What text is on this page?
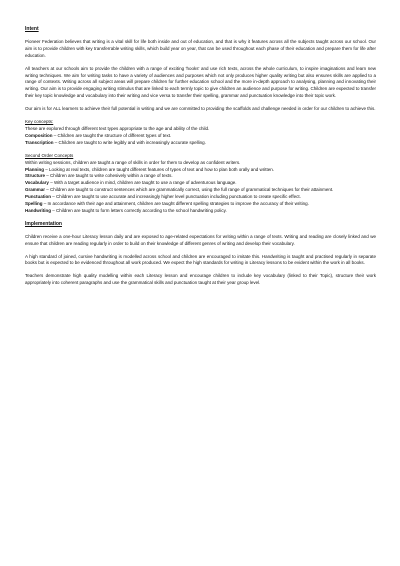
Intent

Pioneer Federation believes that writing is a vital skill for life both inside and out of education, and that is why it features across all the subjects taught across our school. Our aim is to provide children with key transferrable writing skills, which build year on year, that can be used throughout each phase of their education and prepare them for life after education.

All teachers at our schools aim to provide the children with a range of exciting 'hooks' and use rich texts, across the whole curriculum, to inspire imaginations and learn new writing techniques. We aim for writing tasks to have a variety of audiences and purposes which not only produces higher quality writing but also ensures skills are applied to a range of contexts. Writing across all subject areas will prepare children for further education school and the more in-depth approach to analysing, planning and innovating their writing. Our aim is to provide engaging writing stimulus that are linked to each termly topic to give children an audience and purpose for writing. Children are expected to transfer their key topic knowledge and vocabulary into their writing and vice versa to transfer their spelling, grammar and punctuation knowledge into their topic work.

Our aim is for ALL learners to achieve their full potential in writing and we are committed to providing the scaffolds and challenge needed in order for our children to achieve this.

Key concepts:

These are explored through different text types appropriate to the age and ability of the child.

Composition – Children are taught the structure of different types of text.

Transcription – Children are taught to write legibly and with increasingly accurate spelling.

Second Order Concepts

Within writing sessions, children are taught a range of skills in order for them to develop as confident writers.

Planning – Looking at real texts, children are taught different features of types of text and how to plan both orally and written.

Structure – Children are taught to write cohesively within a range of texts.

Vocabulary – With a target audience in mind, children are taught to use a range of adventurous language.

Grammar – Children are taught to construct sentences which are grammatically correct, using the full range of grammatical techniques for their attainment.

Punctuation – Children are taught to use accurate and increasingly higher level punctuation including punctuation to create specific effect.

Spelling – In accordance with their age and attainment, children are taught different spelling strategies to improve the accuracy of their writing.

Handwriting – Children are taught to form letters correctly according to the school handwriting policy.

Implementation

Children receive a one-hour Literacy lesson daily and are exposed to age-related expectations for writing within a range of texts. Writing and reading are closely linked and we ensure that children are reading regularly in order to build on their knowledge of different genres of writing and develop their vocabulary.

A high standard of joined, cursive handwriting is modelled across school and children are encouraged to imitate this. Handwriting is taught and practised regularly in separate books but is expected to be evidenced throughout all work produced. We expect the high standards for writing in Literacy lessons to be evident within the work in all books.

Teachers demonstrate high quality modelling within each Literacy lesson and encourage children to include key vocabulary (linked to their Topic), structure their work appropriately into coherent paragraphs and use the grammatical skills and punctuation taught at their year group level.
